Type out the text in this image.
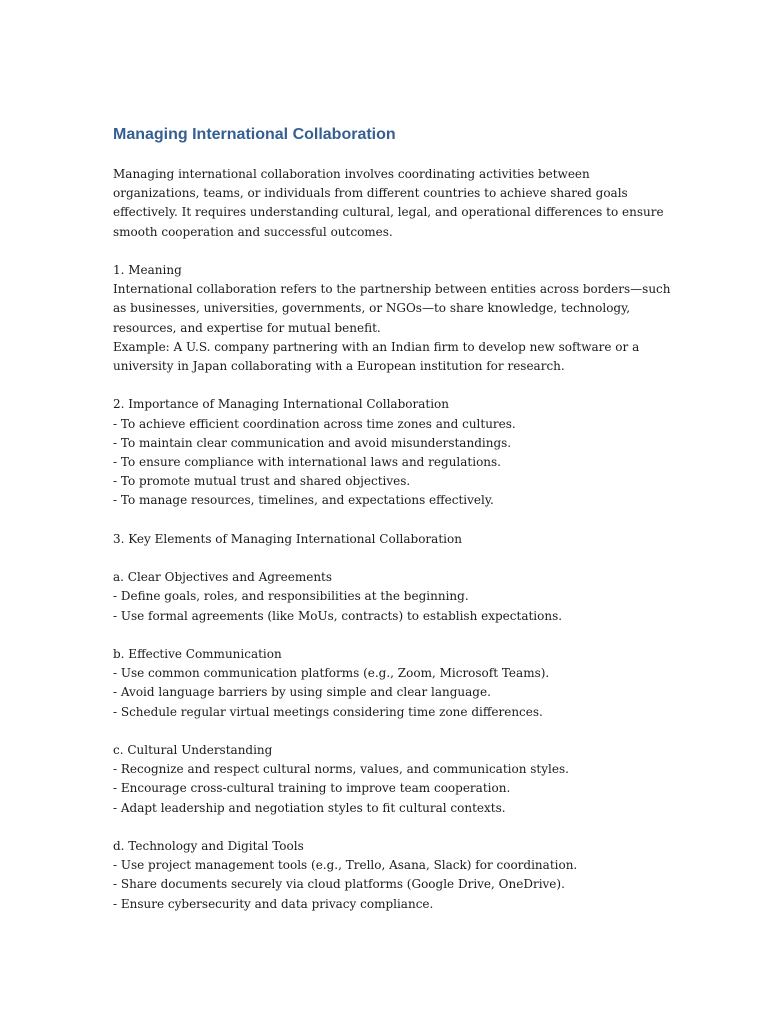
Managing International Collaboration

Managing international collaboration involves coordinating activities between
organizations, teams, or individuals from different countries to achieve shared goals
effectively. It requires understanding cultural, legal, and operational differences to ensure
smooth cooperation and successful outcomes.

1. Meaning
International collaboration refers to the partnership between entities across borders—such
as businesses, universities, governments, or NGOs—to share knowledge, technology,
resources, and expertise for mutual benefit.
Example: A U.S. company partnering with an Indian firm to develop new software or a
university in Japan collaborating with a European institution for research.

2. Importance of Managing International Collaboration
- To achieve efficient coordination across time zones and cultures.
- To maintain clear communication and avoid misunderstandings.
- To ensure compliance with international laws and regulations.
- To promote mutual trust and shared objectives.
- To manage resources, timelines, and expectations effectively.

3. Key Elements of Managing International Collaboration

a. Clear Objectives and Agreements
- Define goals, roles, and responsibilities at the beginning.
- Use formal agreements (like MoUs, contracts) to establish expectations.

b. Effective Communication
- Use common communication platforms (e.g., Zoom, Microsoft Teams).
- Avoid language barriers by using simple and clear language.
- Schedule regular virtual meetings considering time zone differences.

c. Cultural Understanding
- Recognize and respect cultural norms, values, and communication styles.
- Encourage cross-cultural training to improve team cooperation.
- Adapt leadership and negotiation styles to fit cultural contexts.

d. Technology and Digital Tools
- Use project management tools (e.g., Trello, Asana, Slack) for coordination.
- Share documents securely via cloud platforms (Google Drive, OneDrive).
- Ensure cybersecurity and data privacy compliance.
